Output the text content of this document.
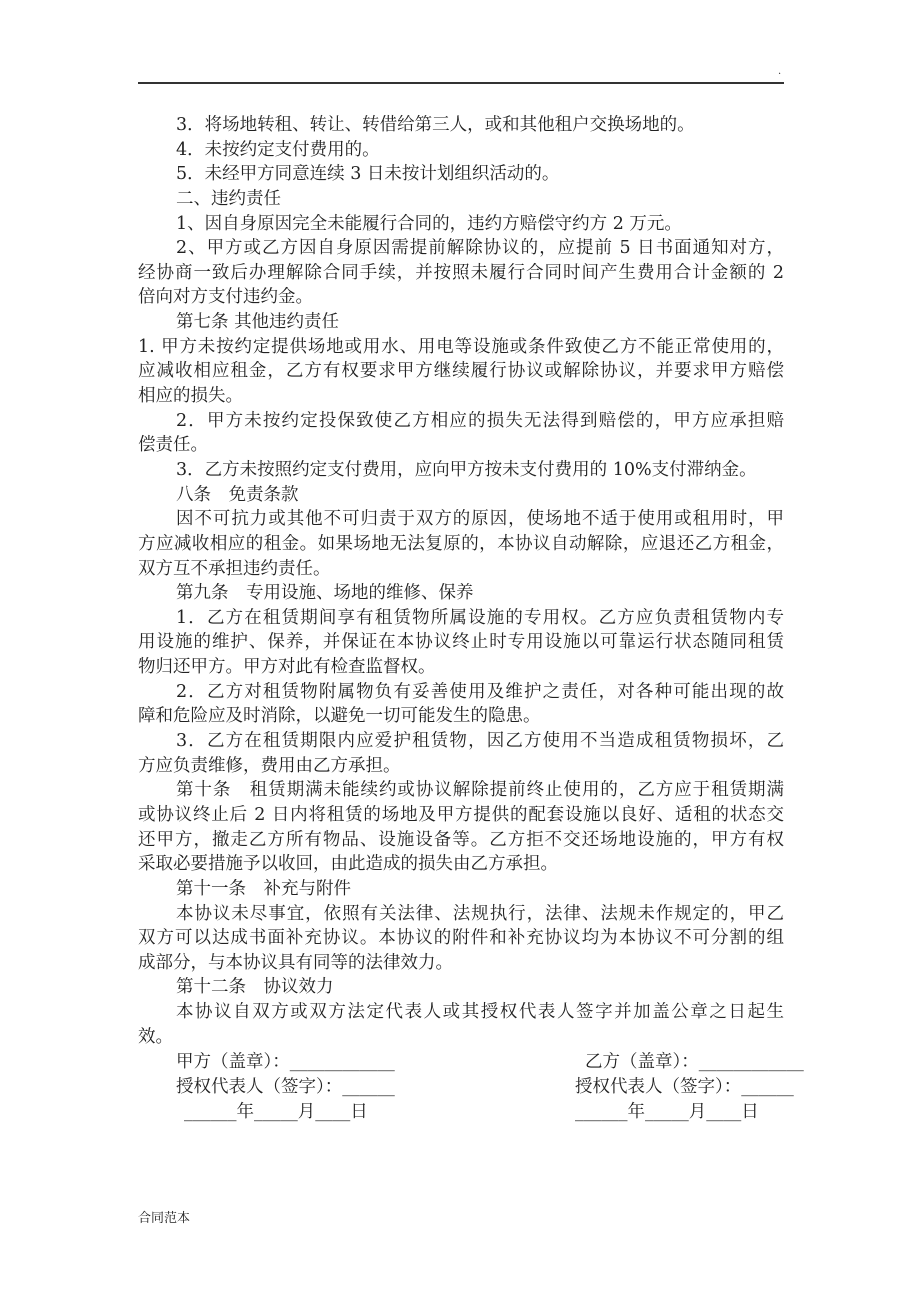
.
3．将场地转租、转让、转借给第三人，或和其他租户交换场地的。
4．未按约定支付费用的。
5．未经甲方同意连续 3 日未按计划组织活动的。
二、违约责任
1、因自身原因完全未能履行合同的，违约方赔偿守约方 2 万元。
2、甲方或乙方因自身原因需提前解除协议的，应提前 5 日书面通知对方，
经协商一致后办理解除合同手续，并按照未履行合同时间产生费用合计金额的 2
倍向对方支付违约金。
第七条 其他违约责任
1. 甲方未按约定提供场地或用水、用电等设施或条件致使乙方不能正常使用的，
应减收相应租金，乙方有权要求甲方继续履行协议或解除协议，并要求甲方赔偿
相应的损失。
2．甲方未按约定投保致使乙方相应的损失无法得到赔偿的，甲方应承担赔
偿责任。
3．乙方未按照约定支付费用，应向甲方按未支付费用的 10%支付滞纳金。
八条　免责条款
因不可抗力或其他不可归责于双方的原因，使场地不适于使用或租用时，甲
方应减收相应的租金。如果场地无法复原的，本协议自动解除，应退还乙方租金，
双方互不承担违约责任。
第九条　专用设施、场地的维修、保养
1．乙方在租赁期间享有租赁物所属设施的专用权。乙方应负责租赁物内专
用设施的维护、保养，并保证在本协议终止时专用设施以可靠运行状态随同租赁
物归还甲方。甲方对此有检查监督权。
2．乙方对租赁物附属物负有妥善使用及维护之责任，对各种可能出现的故
障和危险应及时消除，以避免一切可能发生的隐患。
3．乙方在租赁期限内应爱护租赁物，因乙方使用不当造成租赁物损坏，乙
方应负责维修，费用由乙方承担。
第十条　租赁期满未能续约或协议解除提前终止使用的，乙方应于租赁期满
或协议终止后 2 日内将租赁的场地及甲方提供的配套设施以良好、适租的状态交
还甲方，撤走乙方所有物品、设施设备等。乙方拒不交还场地设施的，甲方有权
采取必要措施予以收回，由此造成的损失由乙方承担。
第十一条　补充与附件
本协议未尽事宜，依照有关法律、法规执行，法律、法规未作规定的，甲乙
双方可以达成书面补充协议。本协议的附件和补充协议均为本协议不可分割的组
成部分，与本协议具有同等的法律效力。
第十二条　协议效力
本协议自双方或双方法定代表人或其授权代表人签字并加盖公章之日起生
效。
甲方（盖章）：____________
授权代表人（签字）：______
______年_____月____日
乙方（盖章）：____________
授权代表人（签字）：______
______年_____月____日
合同范本
